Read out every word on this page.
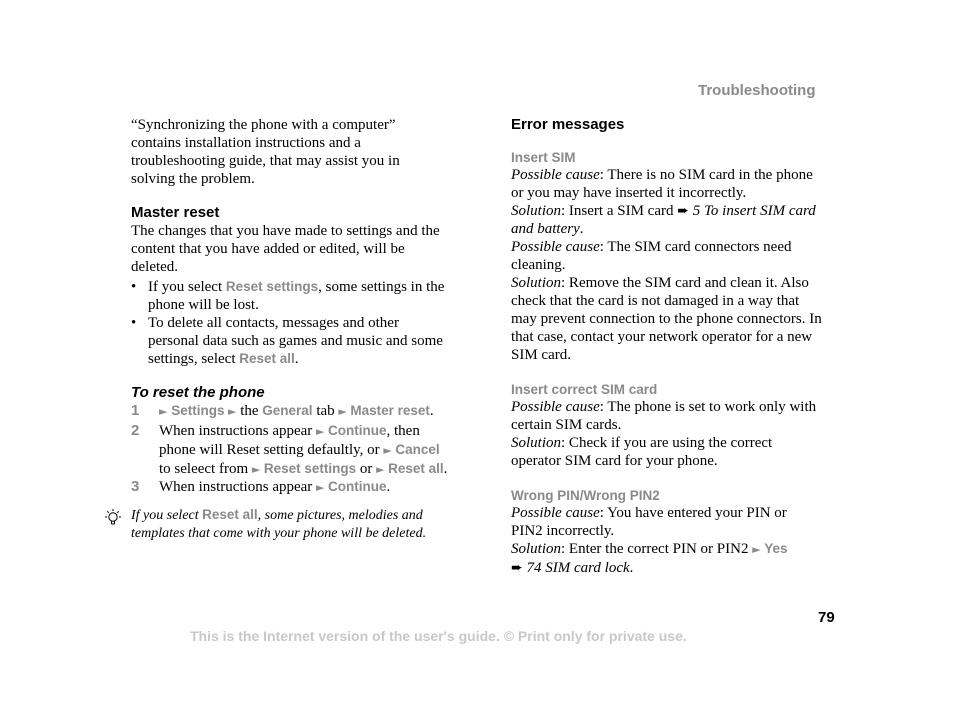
Troubleshooting
“Synchronizing the phone with a computer”
contains installation instructions and a
troubleshooting guide, that may assist you in
solving the problem.
Master reset
The changes that you have made to settings and the
content that you have added or edited, will be
deleted.
• If you select Reset settings, some settings in the
phone will be lost.
• To delete all contacts, messages and other
personal data such as games and music and some
settings, select Reset all.
To reset the phone
1 ► Settings ► the General tab ► Master reset.
2 When instructions appear ► Continue, then
phone will Reset setting defaultly, or ► Cancel
to seleect from ► Reset settings or ► Reset all.
3 When instructions appear ► Continue.
If you select Reset all, some pictures, melodies and
templates that come with your phone will be deleted.
Error messages
Insert SIM
Possible cause: There is no SIM card in the phone
or you may have inserted it incorrectly.
Solution: Insert a SIM card ➨ 5 To insert SIM card
and battery.
Possible cause: The SIM card connectors need
cleaning.
Solution: Remove the SIM card and clean it. Also
check that the card is not damaged in a way that
may prevent connection to the phone connectors. In
that case, contact your network operator for a new
SIM card.
Insert correct SIM card
Possible cause: The phone is set to work only with
certain SIM cards.
Solution: Check if you are using the correct
operator SIM card for your phone.
Wrong PIN/Wrong PIN2
Possible cause: You have entered your PIN or
PIN2 incorrectly.
Solution: Enter the correct PIN or PIN2 ► Yes
➨ 74 SIM card lock.
79
This is the Internet version of the user's guide. © Print only for private use.
